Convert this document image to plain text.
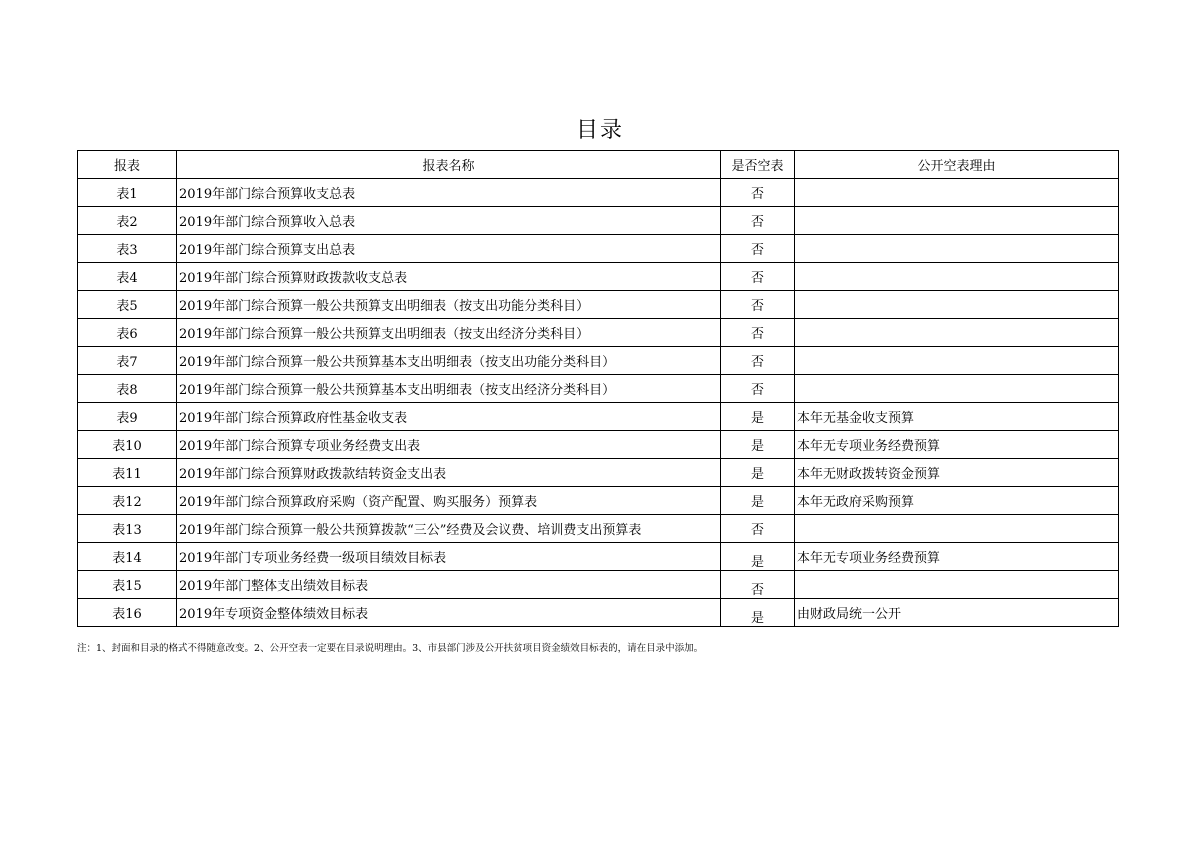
目录
报表	报表名称	是否空表	公开空表理由
表1	2019年部门综合预算收支总表	否	
表2	2019年部门综合预算收入总表	否	
表3	2019年部门综合预算支出总表	否	
表4	2019年部门综合预算财政拨款收支总表	否	
表5	2019年部门综合预算一般公共预算支出明细表（按支出功能分类科目）	否	
表6	2019年部门综合预算一般公共预算支出明细表（按支出经济分类科目）	否	
表7	2019年部门综合预算一般公共预算基本支出明细表（按支出功能分类科目）	否	
表8	2019年部门综合预算一般公共预算基本支出明细表（按支出经济分类科目）	否	
表9	2019年部门综合预算政府性基金收支表	是	本年无基金收支预算
表10	2019年部门综合预算专项业务经费支出表	是	本年无专项业务经费预算
表11	2019年部门综合预算财政拨款结转资金支出表	是	本年无财政拨转资金预算
表12	2019年部门综合预算政府采购（资产配置、购买服务）预算表	是	本年无政府采购预算
表13	2019年部门综合预算一般公共预算拨款“三公”经费及会议费、培训费支出预算表	否	
表14	2019年部门专项业务经费一级项目绩效目标表	是	本年无专项业务经费预算
表15	2019年部门整体支出绩效目标表	否	
表16	2019年专项资金整体绩效目标表	是	由财政局统一公开
注：1、封面和目录的格式不得随意改变。2、公开空表一定要在目录说明理由。3、市县部门涉及公开扶贫项目资金绩效目标表的，请在目录中添加。
